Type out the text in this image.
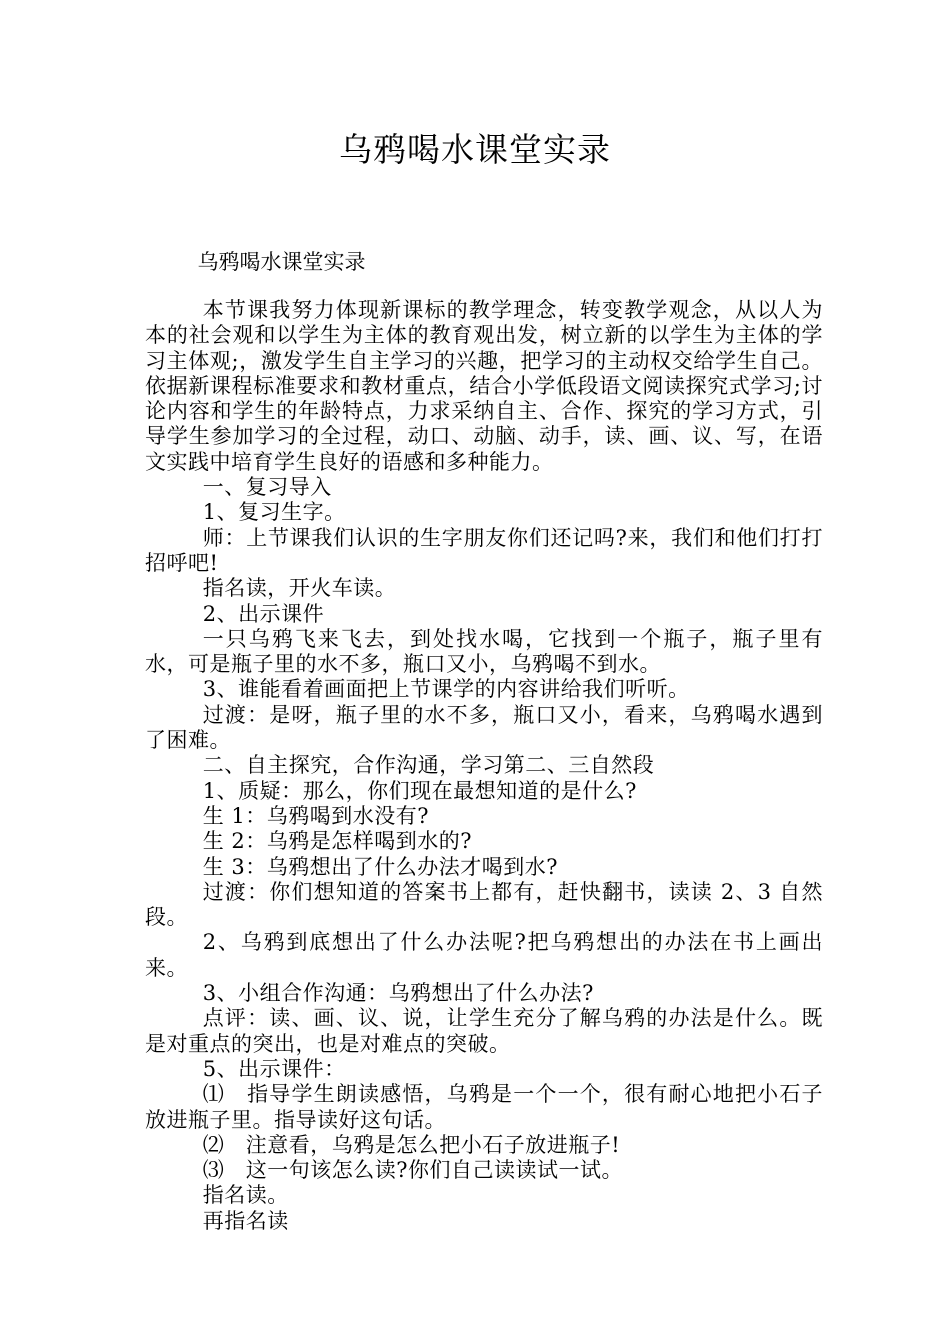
乌鸦喝水课堂实录

乌鸦喝水课堂实录

本节课我努力体现新课标的教学理念，转变教学观念，从以人为本的社会观和以学生为主体的教育观出发，树立新的以学生为主体的学习主体观;，激发学生自主学习的兴趣，把学习的主动权交给学生自己。依据新课程标准要求和教材重点，结合小学低段语文阅读探究式学习;讨论内容和学生的年龄特点，力求采纳自主、合作、探究的学习方式，引导学生参加学习的全过程，动口、动脑、动手，读、画、议、写，在语文实践中培育学生良好的语感和多种能力。

一、复习导入

1、复习生字。

师：上节课我们认识的生字朋友你们还记吗?来，我们和他们打打招呼吧!

指名读，开火车读。

2、出示课件

一只乌鸦飞来飞去，到处找水喝，它找到一个瓶子，瓶子里有水，可是瓶子里的水不多，瓶口又小，乌鸦喝不到水。

3、谁能看着画面把上节课学的内容讲给我们听听。

过渡：是呀，瓶子里的水不多，瓶口又小，看来，乌鸦喝水遇到了困难。

二、自主探究，合作沟通，学习第二、三自然段

1、质疑：那么，你们现在最想知道的是什么?

生 1：乌鸦喝到水没有?

生 2：乌鸦是怎样喝到水的?

生 3：乌鸦想出了什么办法才喝到水?

过渡：你们想知道的答案书上都有，赶快翻书，读读 2、3 自然段。

2、乌鸦到底想出了什么办法呢?把乌鸦想出的办法在书上画出来。

3、小组合作沟通：乌鸦想出了什么办法?

点评：读、画、议、说，让学生充分了解乌鸦的办法是什么。既是对重点的突出，也是对难点的突破。

5、出示课件：

⑴　指导学生朗读感悟，乌鸦是一个一个，很有耐心地把小石子放进瓶子里。指导读好这句话。

⑵　注意看，乌鸦是怎么把小石子放进瓶子!

⑶　这一句该怎么读?你们自己读读试一试。

指名读。

再指名读
